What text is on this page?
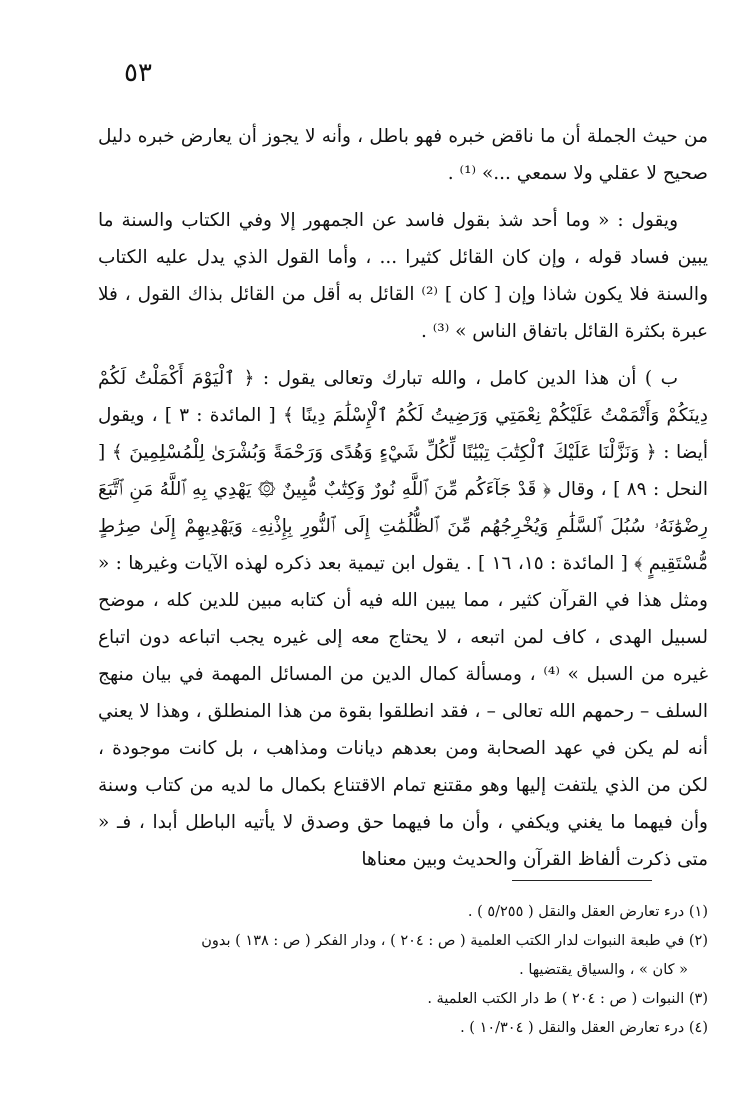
٥٣

من حيث الجملة أن ما ناقض خبره فهو باطل ، وأنه لا يجوز أن يعارض خبره دليل صحيح لا عقلي ولا سمعي ...» ⁽¹⁾ .

ويقول : « وما أحد شذ بقول فاسد عن الجمهور إلا وفي الكتاب والسنة ما يبين فساد قوله ، وإن كان القائل كثيرا ... ، وأما القول الذي يدل عليه الكتاب والسنة فلا يكون شاذا وإن [ كان ] ⁽²⁾ القائل به أقل من القائل بذاك القول ، فلا عبرة بكثرة القائل باتفاق الناس » ⁽³⁾ .

ب ) أن هذا الدين كامل ، والله تبارك وتعالى يقول : ﴿ ٱلْيَوْمَ أَكْمَلْتُ لَكُمْ دِينَكُمْ وَأَتْمَمْتُ عَلَيْكُمْ نِعْمَتِي وَرَضِيتُ لَكُمُ ٱلْإِسْلَٰمَ دِينًا ﴾ [ المائدة : ٣ ] ، ويقول أيضا : ﴿ وَنَزَّلْنَا عَلَيْكَ ٱلْكِتَٰبَ تِبْيَٰنًا لِّكُلِّ شَيْءٍ وَهُدًى وَرَحْمَةً وَبُشْرَىٰ لِلْمُسْلِمِينَ ﴾ [ النحل : ٨٩ ] ، وقال ﴿ قَدْ جَآءَكُم مِّنَ ٱللَّهِ نُورٌ وَكِتَٰبٌ مُّبِينٌ ۞ يَهْدِي بِهِ ٱللَّهُ مَنِ ٱتَّبَعَ رِضْوَٰنَهُۥ سُبُلَ ٱلسَّلَٰمِ وَيُخْرِجُهُم مِّنَ ٱلظُّلُمَٰتِ إِلَى ٱلنُّورِ بِإِذْنِهِۦ وَيَهْدِيهِمْ إِلَىٰ صِرَٰطٍ مُّسْتَقِيمٍ ﴾ [ المائدة : ١٥، ١٦ ] . يقول ابن تيمية بعد ذكره لهذه الآيات وغيرها : « ومثل هذا في القرآن كثير ، مما يبين الله فيه أن كتابه مبين للدين كله ، موضح لسبيل الهدى ، كاف لمن اتبعه ، لا يحتاج معه إلى غيره يجب اتباعه دون اتباع غيره من السبل » ⁽⁴⁾ ، ومسألة كمال الدين من المسائل المهمة في بيان منهج السلف – رحمهم الله تعالى – ، فقد انطلقوا بقوة من هذا المنطلق ، وهذا لا يعني أنه لم يكن في عهد الصحابة ومن بعدهم ديانات ومذاهب ، بل كانت موجودة ، لكن من الذي يلتفت إليها وهو مقتنع تمام الاقتناع بكمال ما لديه من كتاب وسنة وأن فيهما ما يغني ويكفي ، وأن ما فيهما حق وصدق لا يأتيه الباطل أبدا ، فـ « متى ذكرت ألفاظ القرآن والحديث وبين معناها

(١) درء تعارض العقل والنقل ( ٥/٢٥٥ ) .

(٢) في طبعة النبوات لدار الكتب العلمية ( ص : ٢٠٤ ) ، ودار الفكر ( ص : ١٣٨ ) بدون

« كان » ، والسياق يقتضيها .

(٣) النبوات ( ص : ٢٠٤ ) ط دار الكتب العلمية .

(٤) درء تعارض العقل والنقل ( ١٠/٣٠٤ ) .
